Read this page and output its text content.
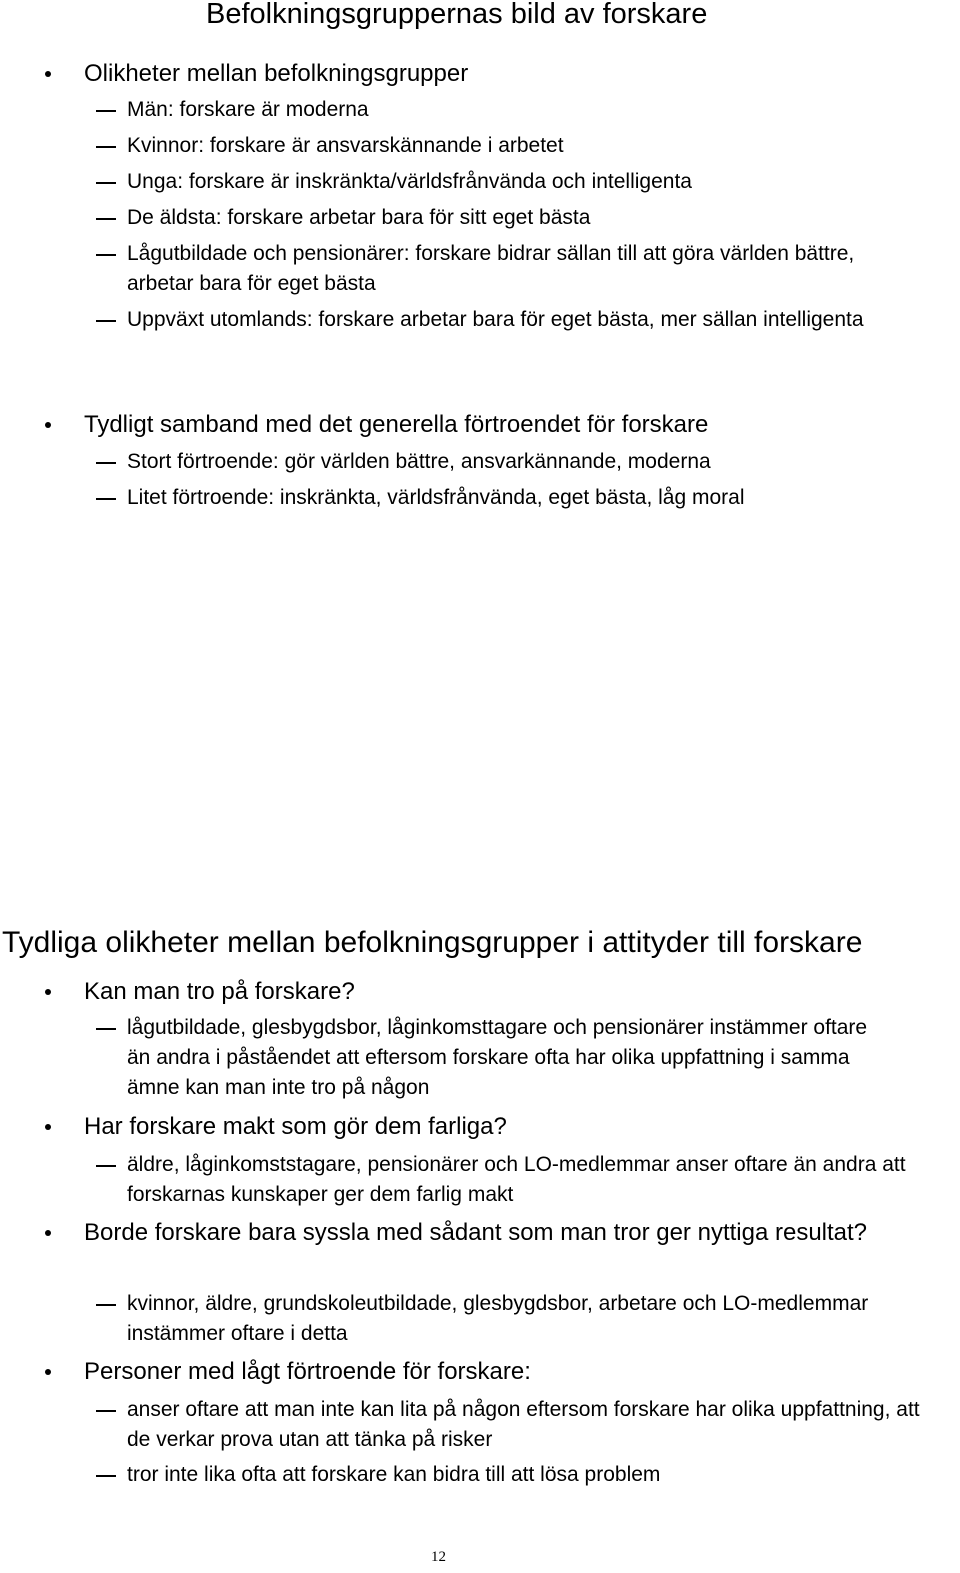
Befolkningsgruppernas bild av forskare

Olikheter mellan befolkningsgrupper

Män: forskare är moderna

Kvinnor: forskare är ansvarskännande i arbetet

Unga: forskare är inskränkta/världsfrånvända och intelligenta

De äldsta: forskare arbetar bara för sitt eget bästa

Lågutbildade och pensionärer: forskare bidrar sällan till att göra världen bättre, arbetar bara för eget bästa

Uppväxt utomlands: forskare arbetar bara för eget bästa, mer sällan intelligenta

Tydligt samband med det generella förtroendet för forskare

Stort förtroende: gör världen bättre, ansvarkännande, moderna

Litet förtroende: inskränkta, världsfrånvända, eget bästa, låg moral

Tydliga olikheter mellan befolkningsgrupper i attityder till forskare

Kan man tro på forskare?

lågutbildade, glesbygdsbor, låginkomsttagare och pensionärer instämmer oftare än andra i påståendet att eftersom forskare ofta har olika uppfattning i samma ämne kan man inte tro på någon

Har forskare makt som gör dem farliga?

äldre, låginkomststagare, pensionärer och LO-medlemmar anser oftare än andra att forskarnas kunskaper ger dem farlig makt

Borde forskare bara syssla med sådant som man tror ger nyttiga resultat?

kvinnor, äldre, grundskoleutbildade, glesbygdsbor, arbetare och LO-medlemmar instämmer oftare i detta

Personer med lågt förtroende för forskare:

anser oftare att man inte kan lita på någon eftersom forskare har olika uppfattning, att de verkar prova utan att tänka på risker

tror inte lika ofta att forskare kan bidra till att lösa problem

12
